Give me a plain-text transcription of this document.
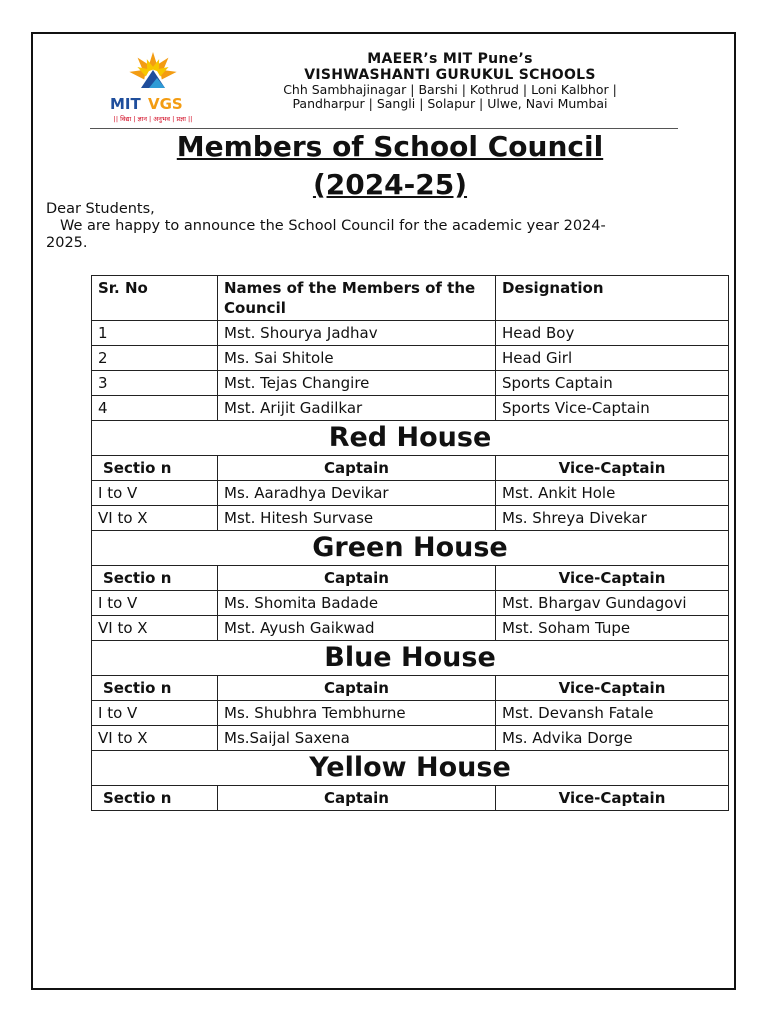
MIT VGS
|| विद्या | ज्ञान | अनुभव | प्रज्ञा ||
MAEER’s MIT Pune’s
VISHWASHANTI GURUKUL SCHOOLS
Chh Sambhajinagar | Barshi | Kothrud | Loni Kalbhor |
Pandharpur | Sangli | Solapur | Ulwe, Navi Mumbai
Members of School Council
(2024-25)
Dear Students,
We are happy to announce the School Council for the academic year 2024-
2025.
Sr. No	Names of the Members of the Council	Designation
1	Mst. Shourya Jadhav	Head Boy
2	Ms. Sai Shitole	Head Girl
3	Mst. Tejas Changire	Sports Captain
4	Mst. Arijit Gadilkar	Sports Vice-Captain
Red House		
Sectio n	Captain	Vice-Captain
I to V	Ms. Aaradhya Devikar	Mst. Ankit Hole
VI to X	Mst. Hitesh Survase	Ms. Shreya Divekar
Green House		
Sectio n	Captain	Vice-Captain
I to V	Ms. Shomita Badade	Mst. Bhargav Gundagovi
VI to X	Mst. Ayush Gaikwad	Mst. Soham Tupe
Blue House		
Sectio n	Captain	Vice-Captain
I to V	Ms. Shubhra Tembhurne	Mst. Devansh Fatale
VI to X	Ms.Saijal Saxena	Ms. Advika Dorge
Yellow House		
Sectio n	Captain	Vice-Captain
